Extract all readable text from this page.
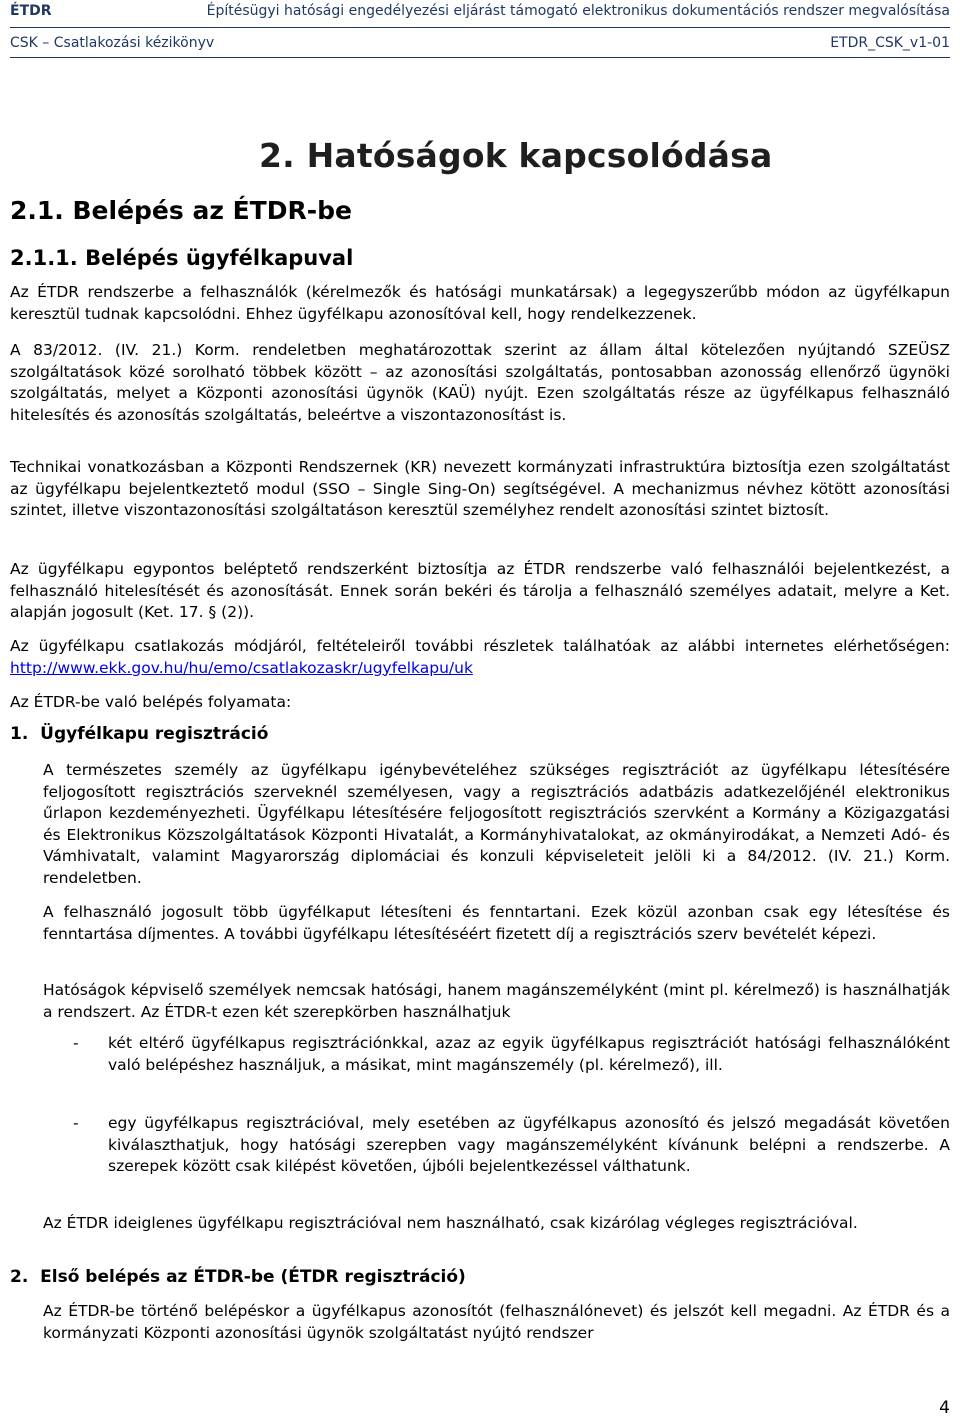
ÉTDR	Építésügyi hatósági engedélyezési eljárást támogató elektronikus dokumentációs rendszer megvalósítása
CSK – Csatlakozási kézikönyv	ETDR_CSK_v1-01
2. Hatóságok kapcsolódása
2.1. Belépés az ÉTDR-be
2.1.1. Belépés ügyfélkapuval

Az ÉTDR rendszerbe a felhasználók (kérelmezők és hatósági munkatársak) a legegyszerűbb módon az ügyfélkapun keresztül tudnak kapcsolódni. Ehhez ügyfélkapu azonosítóval kell, hogy rendelkezzenek.

A 83/2012. (IV. 21.) Korm. rendeletben meghatározottak szerint az állam által kötelezően nyújtandó SZEÜSZ szolgáltatások közé sorolható többek között – az azonosítási szolgáltatás, pontosabban azonosság ellenőrző ügynöki szolgáltatás, melyet a Központi azonosítási ügynök (KAÜ) nyújt. Ezen szolgáltatás része az ügyfélkapus felhasználó hitelesítés és azonosítás szolgáltatás, beleértve a viszontazonosítást is.

Technikai vonatkozásban a Központi Rendszernek (KR) nevezett kormányzati infrastruktúra biztosítja ezen szolgáltatást az ügyfélkapu bejelentkeztető modul (SSO – Single Sing-On) segítségével. A mechanizmus névhez kötött azonosítási szintet, illetve viszontazonosítási szolgáltatáson keresztül személyhez rendelt azonosítási szintet biztosít.

Az ügyfélkapu egypontos beléptető rendszerként biztosítja az ÉTDR rendszerbe való felhasználói bejelentkezést, a felhasználó hitelesítését és azonosítását. Ennek során bekéri és tárolja a felhasználó személyes adatait, melyre a Ket. alapján jogosult (Ket. 17. § (2)).

Az ügyfélkapu csatlakozás módjáról, feltételeiről további részletek találhatóak az alábbi internetes elérhetőségen: http://www.ekk.gov.hu/hu/emo/csatlakozaskr/ugyfelkapu/uk

Az ÉTDR-be való belépés folyamata:

1. Ügyfélkapu regisztráció

A természetes személy az ügyfélkapu igénybevételéhez szükséges regisztrációt az ügyfélkapu létesítésére feljogosított regisztrációs szerveknél személyesen, vagy a regisztrációs adatbázis adatkezelőjénél elektronikus űrlapon kezdeményezheti. Ügyfélkapu létesítésére feljogosított regisztrációs szervként a Kormány a Közigazgatási és Elektronikus Közszolgáltatások Központi Hivatalát, a Kormányhivatalokat, az okmányirodákat, a Nemzeti Adó- és Vámhivatalt, valamint Magyarország diplomáciai és konzuli képviseleteit jelöli ki a 84/2012. (IV. 21.) Korm. rendeletben.

A felhasználó jogosult több ügyfélkaput létesíteni és fenntartani. Ezek közül azonban csak egy létesítése és fenntartása díjmentes. A további ügyfélkapu létesítéséért fizetett díj a regisztrációs szerv bevételét képezi.

Hatóságok képviselő személyek nemcsak hatósági, hanem magánszemélyként (mint pl. kérelmező) is használhatják a rendszert. Az ÉTDR-t ezen két szerepkörben használhatjuk

- két eltérő ügyfélkapus regisztrációnkkal, azaz az egyik ügyfélkapus regisztrációt hatósági felhasználóként való belépéshez használjuk, a másikat, mint magánszemély (pl. kérelmező), ill.

- egy ügyfélkapus regisztrációval, mely esetében az ügyfélkapus azonosító és jelszó megadását követően kiválaszthatjuk, hogy hatósági szerepben vagy magánszemélyként kívánunk belépni a rendszerbe. A szerepek között csak kilépést követően, újbóli bejelentkezéssel válthatunk.

Az ÉTDR ideiglenes ügyfélkapu regisztrációval nem használható, csak kizárólag végleges regisztrációval.

2. Első belépés az ÉTDR-be (ÉTDR regisztráció)

Az ÉTDR-be történő belépéskor a ügyfélkapus azonosítót (felhasználónevet) és jelszót kell megadni. Az ÉTDR és a kormányzati Központi azonosítási ügynök szolgáltatást nyújtó rendszer

4
